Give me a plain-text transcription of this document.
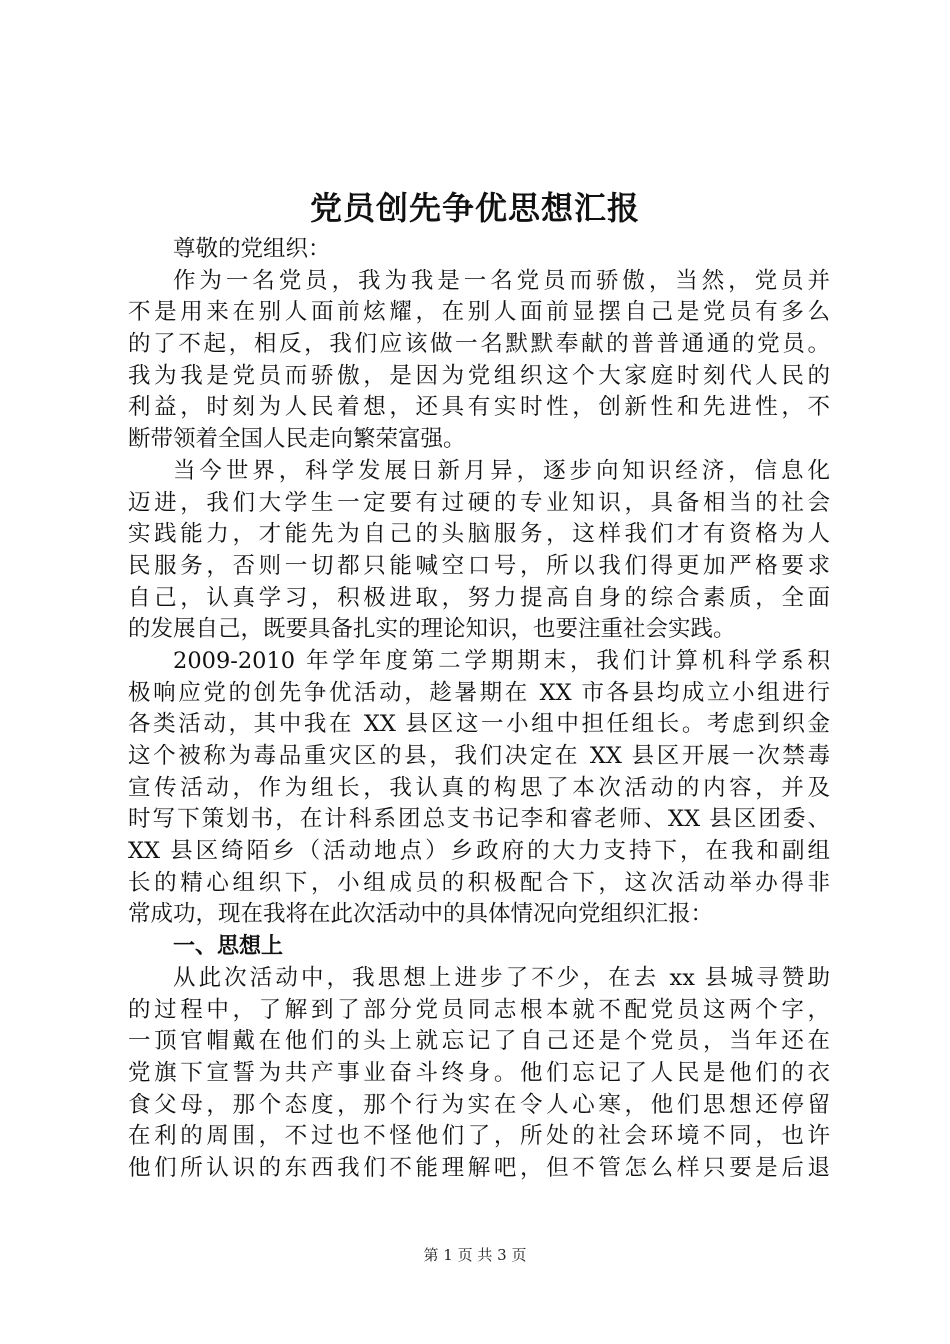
党员创先争优思想汇报
尊敬的党组织：
作为一名党员，我为我是一名党员而骄傲，当然，党员并
不是用来在别人面前炫耀，在别人面前显摆自己是党员有多么
的了不起，相反，我们应该做一名默默奉献的普普通通的党员。
我为我是党员而骄傲，是因为党组织这个大家庭时刻代人民的
利益，时刻为人民着想，还具有实时性，创新性和先进性，不
断带领着全国人民走向繁荣富强。
当今世界，科学发展日新月异，逐步向知识经济，信息化
迈进，我们大学生一定要有过硬的专业知识，具备相当的社会
实践能力，才能先为自己的头脑服务，这样我们才有资格为人
民服务，否则一切都只能喊空口号，所以我们得更加严格要求
自己，认真学习，积极进取，努力提高自身的综合素质，全面
的发展自己，既要具备扎实的理论知识，也要注重社会实践。
2009-2010 年学年度第二学期期末，我们计算机科学系积
极响应党的创先争优活动，趁暑期在 XX 市各县均成立小组进行
各类活动，其中我在 XX 县区这一小组中担任组长。考虑到织金
这个被称为毒品重灾区的县，我们决定在 XX 县区开展一次禁毒
宣传活动，作为组长，我认真的构思了本次活动的内容，并及
时写下策划书，在计科系团总支书记李和睿老师、XX 县区团委、
XX 县区绮陌乡（活动地点）乡政府的大力支持下，在我和副组
长的精心组织下，小组成员的积极配合下，这次活动举办得非
常成功，现在我将在此次活动中的具体情况向党组织汇报：
一、思想上
从此次活动中，我思想上进步了不少，在去 xx 县城寻赞助
的过程中，了解到了部分党员同志根本就不配党员这两个字，
一顶官帽戴在他们的头上就忘记了自己还是个党员，当年还在
党旗下宣誓为共产事业奋斗终身。他们忘记了人民是他们的衣
食父母，那个态度，那个行为实在令人心寒，他们思想还停留
在利的周围，不过也不怪他们了，所处的社会环境不同，也许
他们所认识的东西我们不能理解吧，但不管怎么样只要是后退
第 1 页 共 3 页
